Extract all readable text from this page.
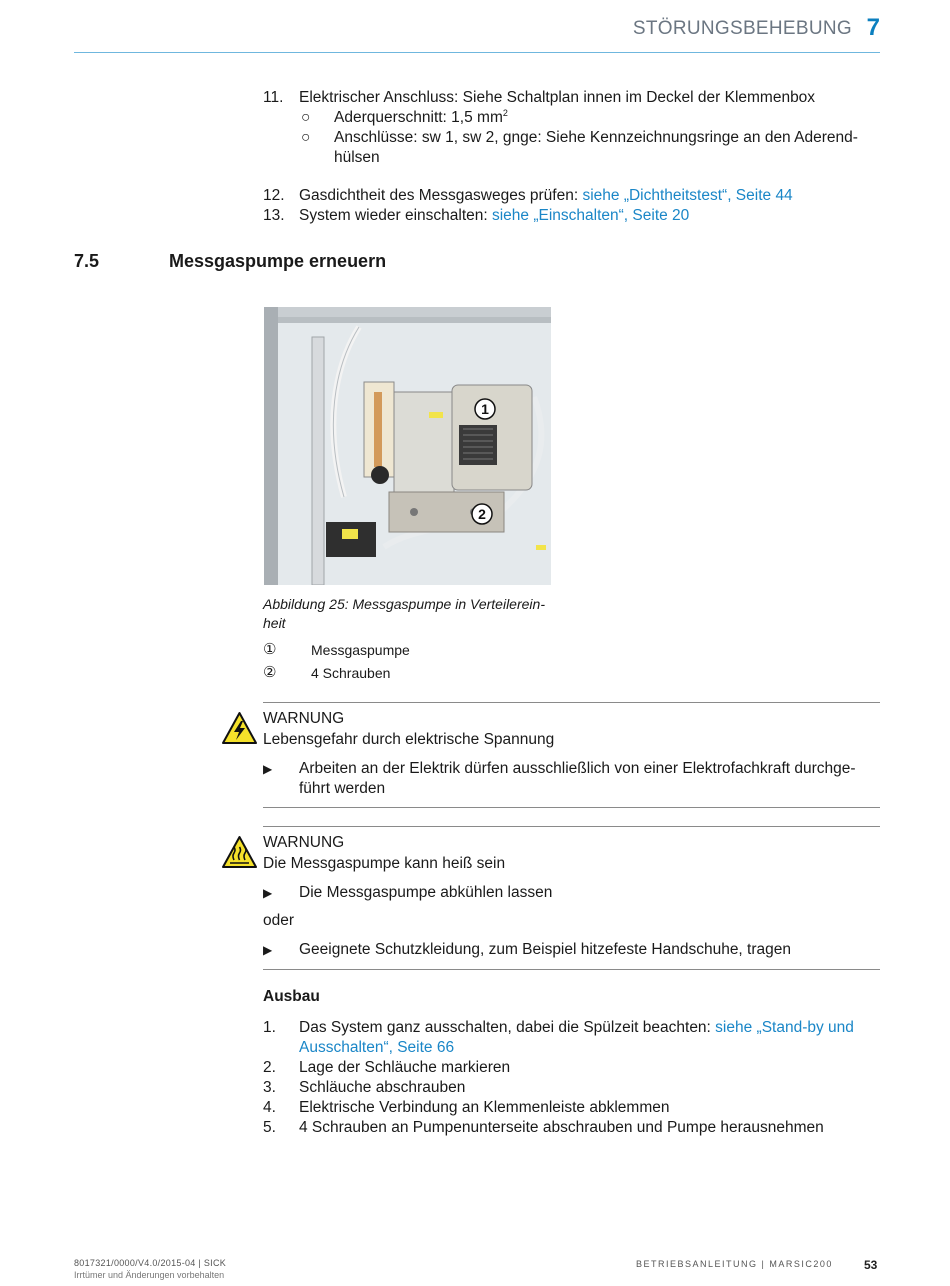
STÖRUNGSBEHEBUNG 7
11.	Elektrischer Anschluss: Siehe Schaltplan innen im Deckel der Klemmenbox
○ Aderquerschnitt: 1,5 $mm^2$
○ Anschlüsse: sw 1, sw 2, gnge: Siehe Kennzeichnungsringe an den Aderend-
hülsen
12. Gasdichtheit des Messgasweges prüfen: siehe „Dichtheitstest“, Seite 44
13. System wieder einschalten: siehe „Einschalten“, Seite 20
7.5	Messgaspumpe erneuern
1
2
Abbildung 25: Messgaspumpe in Verteilerein-
heit
① Messgaspumpe
② 4 Schrauben
WARNUNG
Lebensgefahr durch elektrische Spannung
▶ Arbeiten an der Elektrik dürfen ausschließlich von einer Elektrofachkraft durchge-
führt werden
WARNUNG
Die Messgaspumpe kann heiß sein
▶ Die Messgaspumpe abkühlen lassen
oder
▶ Geeignete Schutzkleidung, zum Beispiel hitzefeste Handschuhe, tragen
Ausbau
1.	Das System ganz ausschalten, dabei die Spülzeit beachten: siehe „Stand-by und
Ausschalten“, Seite 66
2.	Lage der Schläuche markieren
3.	Schläuche abschrauben
4.	Elektrische Verbindung an Klemmenleiste abklemmen
5.	4 Schrauben an Pumpenunterseite abschrauben und Pumpe herausnehmen
8017321/0000/V4.0/2015-04 | SICK
Irrtümer und Änderungen vorbehalten
BETRIEBSANLEITUNG | MARSIC200	53
